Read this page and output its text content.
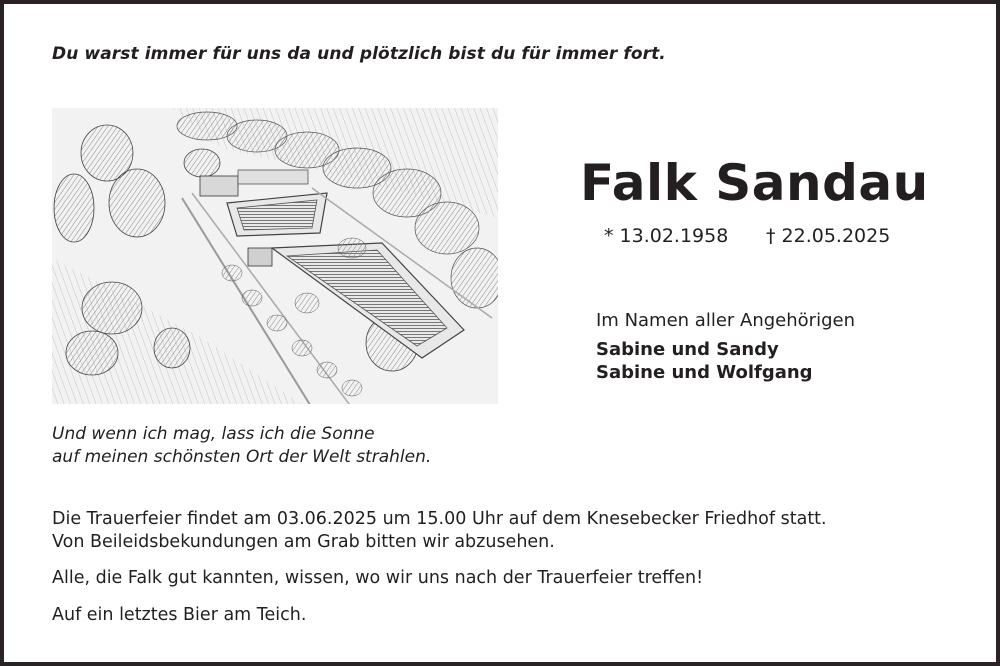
Du warst immer für uns da und plötzlich bist du für immer fort.
Falk Sandau
* 13.02.1958 † 22.05.2025
Im Namen aller Angehörigen
Sabine und Sandy
Sabine und Wolfgang
Und wenn ich mag, lass ich die Sonne
auf meinen schönsten Ort der Welt strahlen.
Die Trauerfeier findet am 03.06.2025 um 15.00 Uhr auf dem Knesebecker Friedhof statt.
Von Beileidsbekundungen am Grab bitten wir abzusehen.
Alle, die Falk gut kannten, wissen, wo wir uns nach der Trauerfeier treffen!
Auf ein letztes Bier am Teich.
